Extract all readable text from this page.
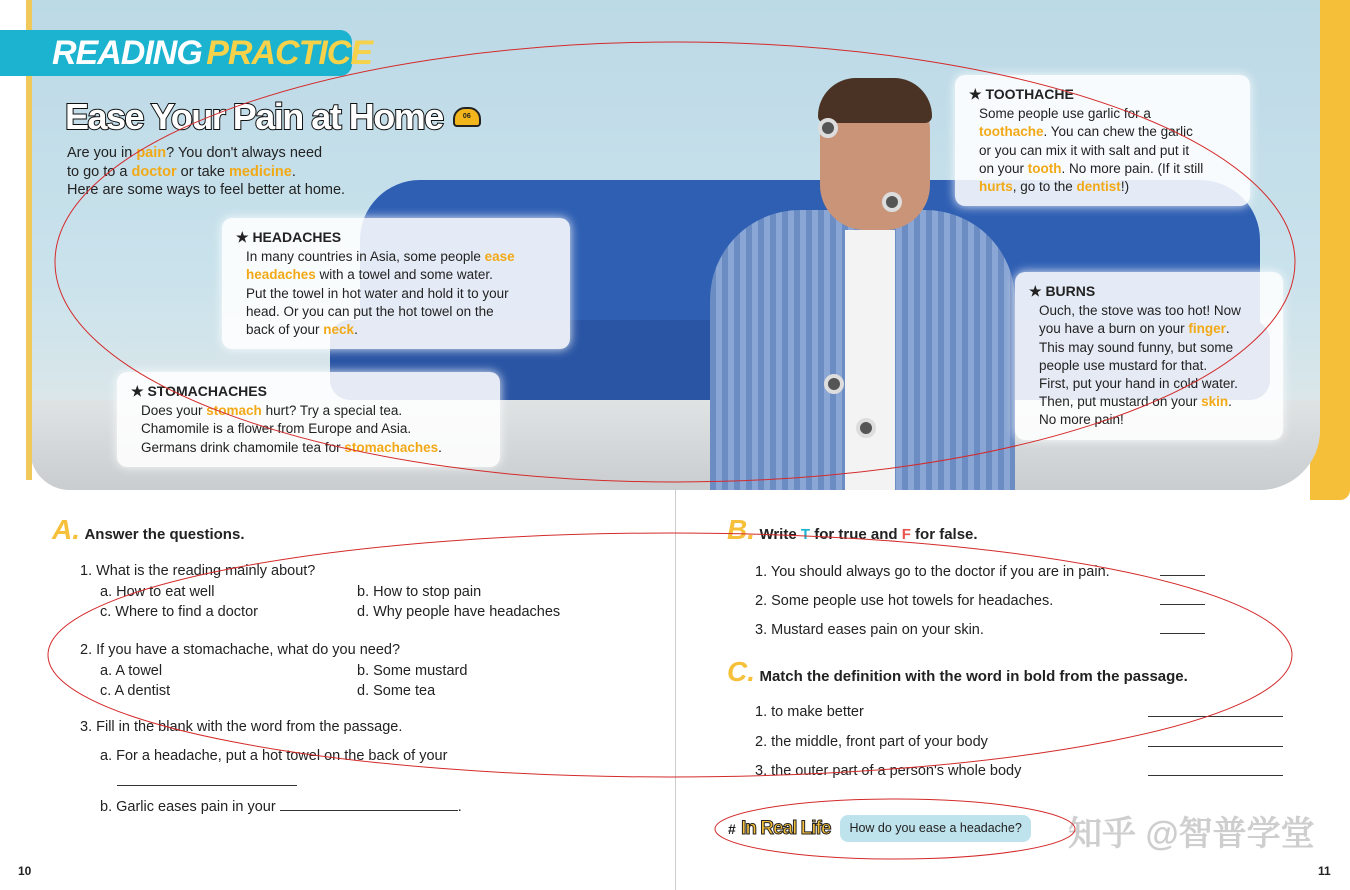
READING PRACTICE
Ease Your Pain at Home	06
Are you in pain? You don't always need
to go to a doctor or take medicine.
Here are some ways to feel better at home.
★ HEADACHES
In many countries in Asia, some people ease
headaches with a towel and some water.
Put the towel in hot water and hold it to your
head. Or you can put the hot towel on the
back of your neck.
★ STOMACHACHES
Does your stomach hurt? Try a special tea.
Chamomile is a flower from Europe and Asia.
Germans drink chamomile tea for stomachaches.
★ TOOTHACHE
Some people use garlic for a
toothache. You can chew the garlic
or you can mix it with salt and put it
on your tooth. No more pain. (If it still
hurts, go to the dentist!)
★ BURNS
Ouch, the stove was too hot! Now
you have a burn on your finger.
This may sound funny, but some
people use mustard for that.
First, put your hand in cold water.
Then, put mustard on your skin.
No more pain!
A. Answer the questions.
1. What is the reading mainly about?
a. How to eat well	b. How to stop pain
c. Where to find a doctor	d. Why people have headaches
2. If you have a stomachache, what do you need?
a. A towel	b. Some mustard
c. A dentist	d. Some tea
3. Fill in the blank with the word from the passage.
a. For a headache, put a hot towel on the back of your
b. Garlic eases pain in your	.
10
B. Write T for true and F for false.
1. You should always go to the doctor if you are in pain.
2. Some people use hot towels for headaches.
3. Mustard eases pain on your skin.
C. Match the definition with the word in bold from the passage.
1. to make better
2. the middle, front part of your body
3. the outer part of a person's whole body
# In Real Life	How do you ease a headache? 知乎 @智普学堂
11
